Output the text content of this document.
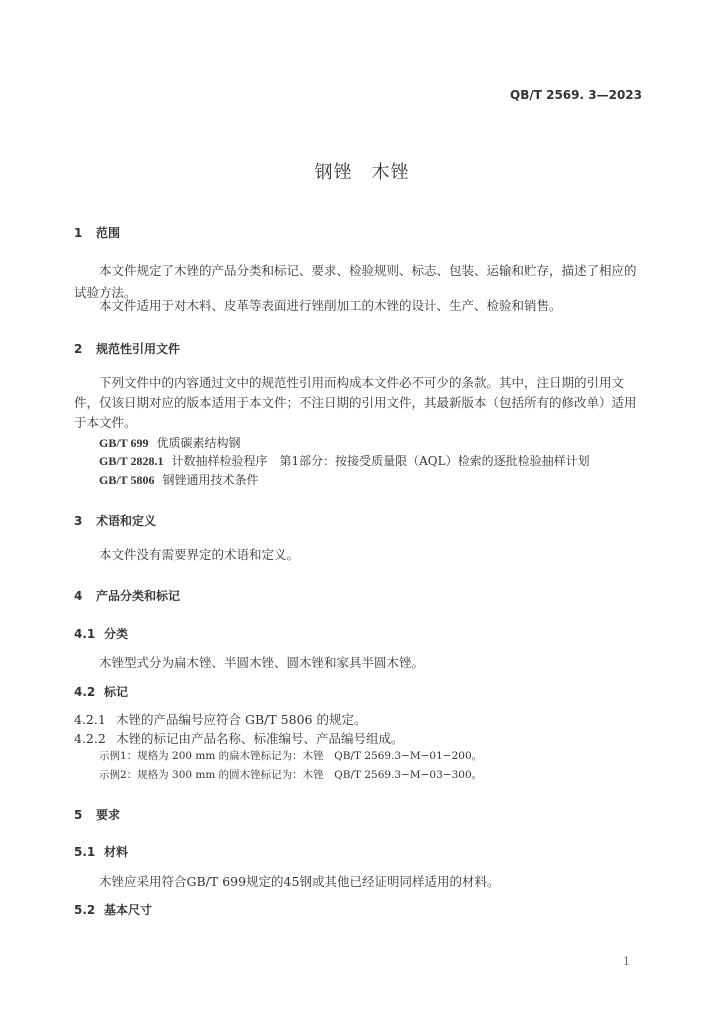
QB/T 2569. 3—2023
钢锉　木锉
1 范围
本文件规定了木锉的产品分类和标记、要求、检验规则、标志、包装、运输和贮存，描述了相应的试验方法。
本文件适用于对木料、皮革等表面进行锉削加工的木锉的设计、生产、检验和销售。
2 规范性引用文件
下列文件中的内容通过文中的规范性引用而构成本文件必不可少的条款。其中，注日期的引用文件，仅该日期对应的版本适用于本文件；不注日期的引用文件，其最新版本（包括所有的修改单）适用于本文件。
GB/T 699 优质碳素结构钢
GB/T 2828.1 计数抽样检验程序　第1部分：按接受质量限（AQL）检索的逐批检验抽样计划
GB/T 5806 钢锉通用技术条件
3 术语和定义
本文件没有需要界定的术语和定义。
4 产品分类和标记
4.1 分类
木锉型式分为扁木锉、半圆木锉、圆木锉和家具半圆木锉。
4.2 标记
4.2.1 木锉的产品编号应符合 GB/T 5806 的规定。
4.2.2 木锉的标记由产品名称、标准编号、产品编号组成。
示例1：规格为 200 mm 的扁木锉标记为：木锉　QB/T 2569.3−M−01−200。
示例2：规格为 300 mm 的圆木锉标记为：木锉　QB/T 2569.3−M−03−300。
5 要求
5.1 材料
木锉应采用符合GB/T 699规定的45钢或其他已经证明同样适用的材料。
5.2 基本尺寸
1
